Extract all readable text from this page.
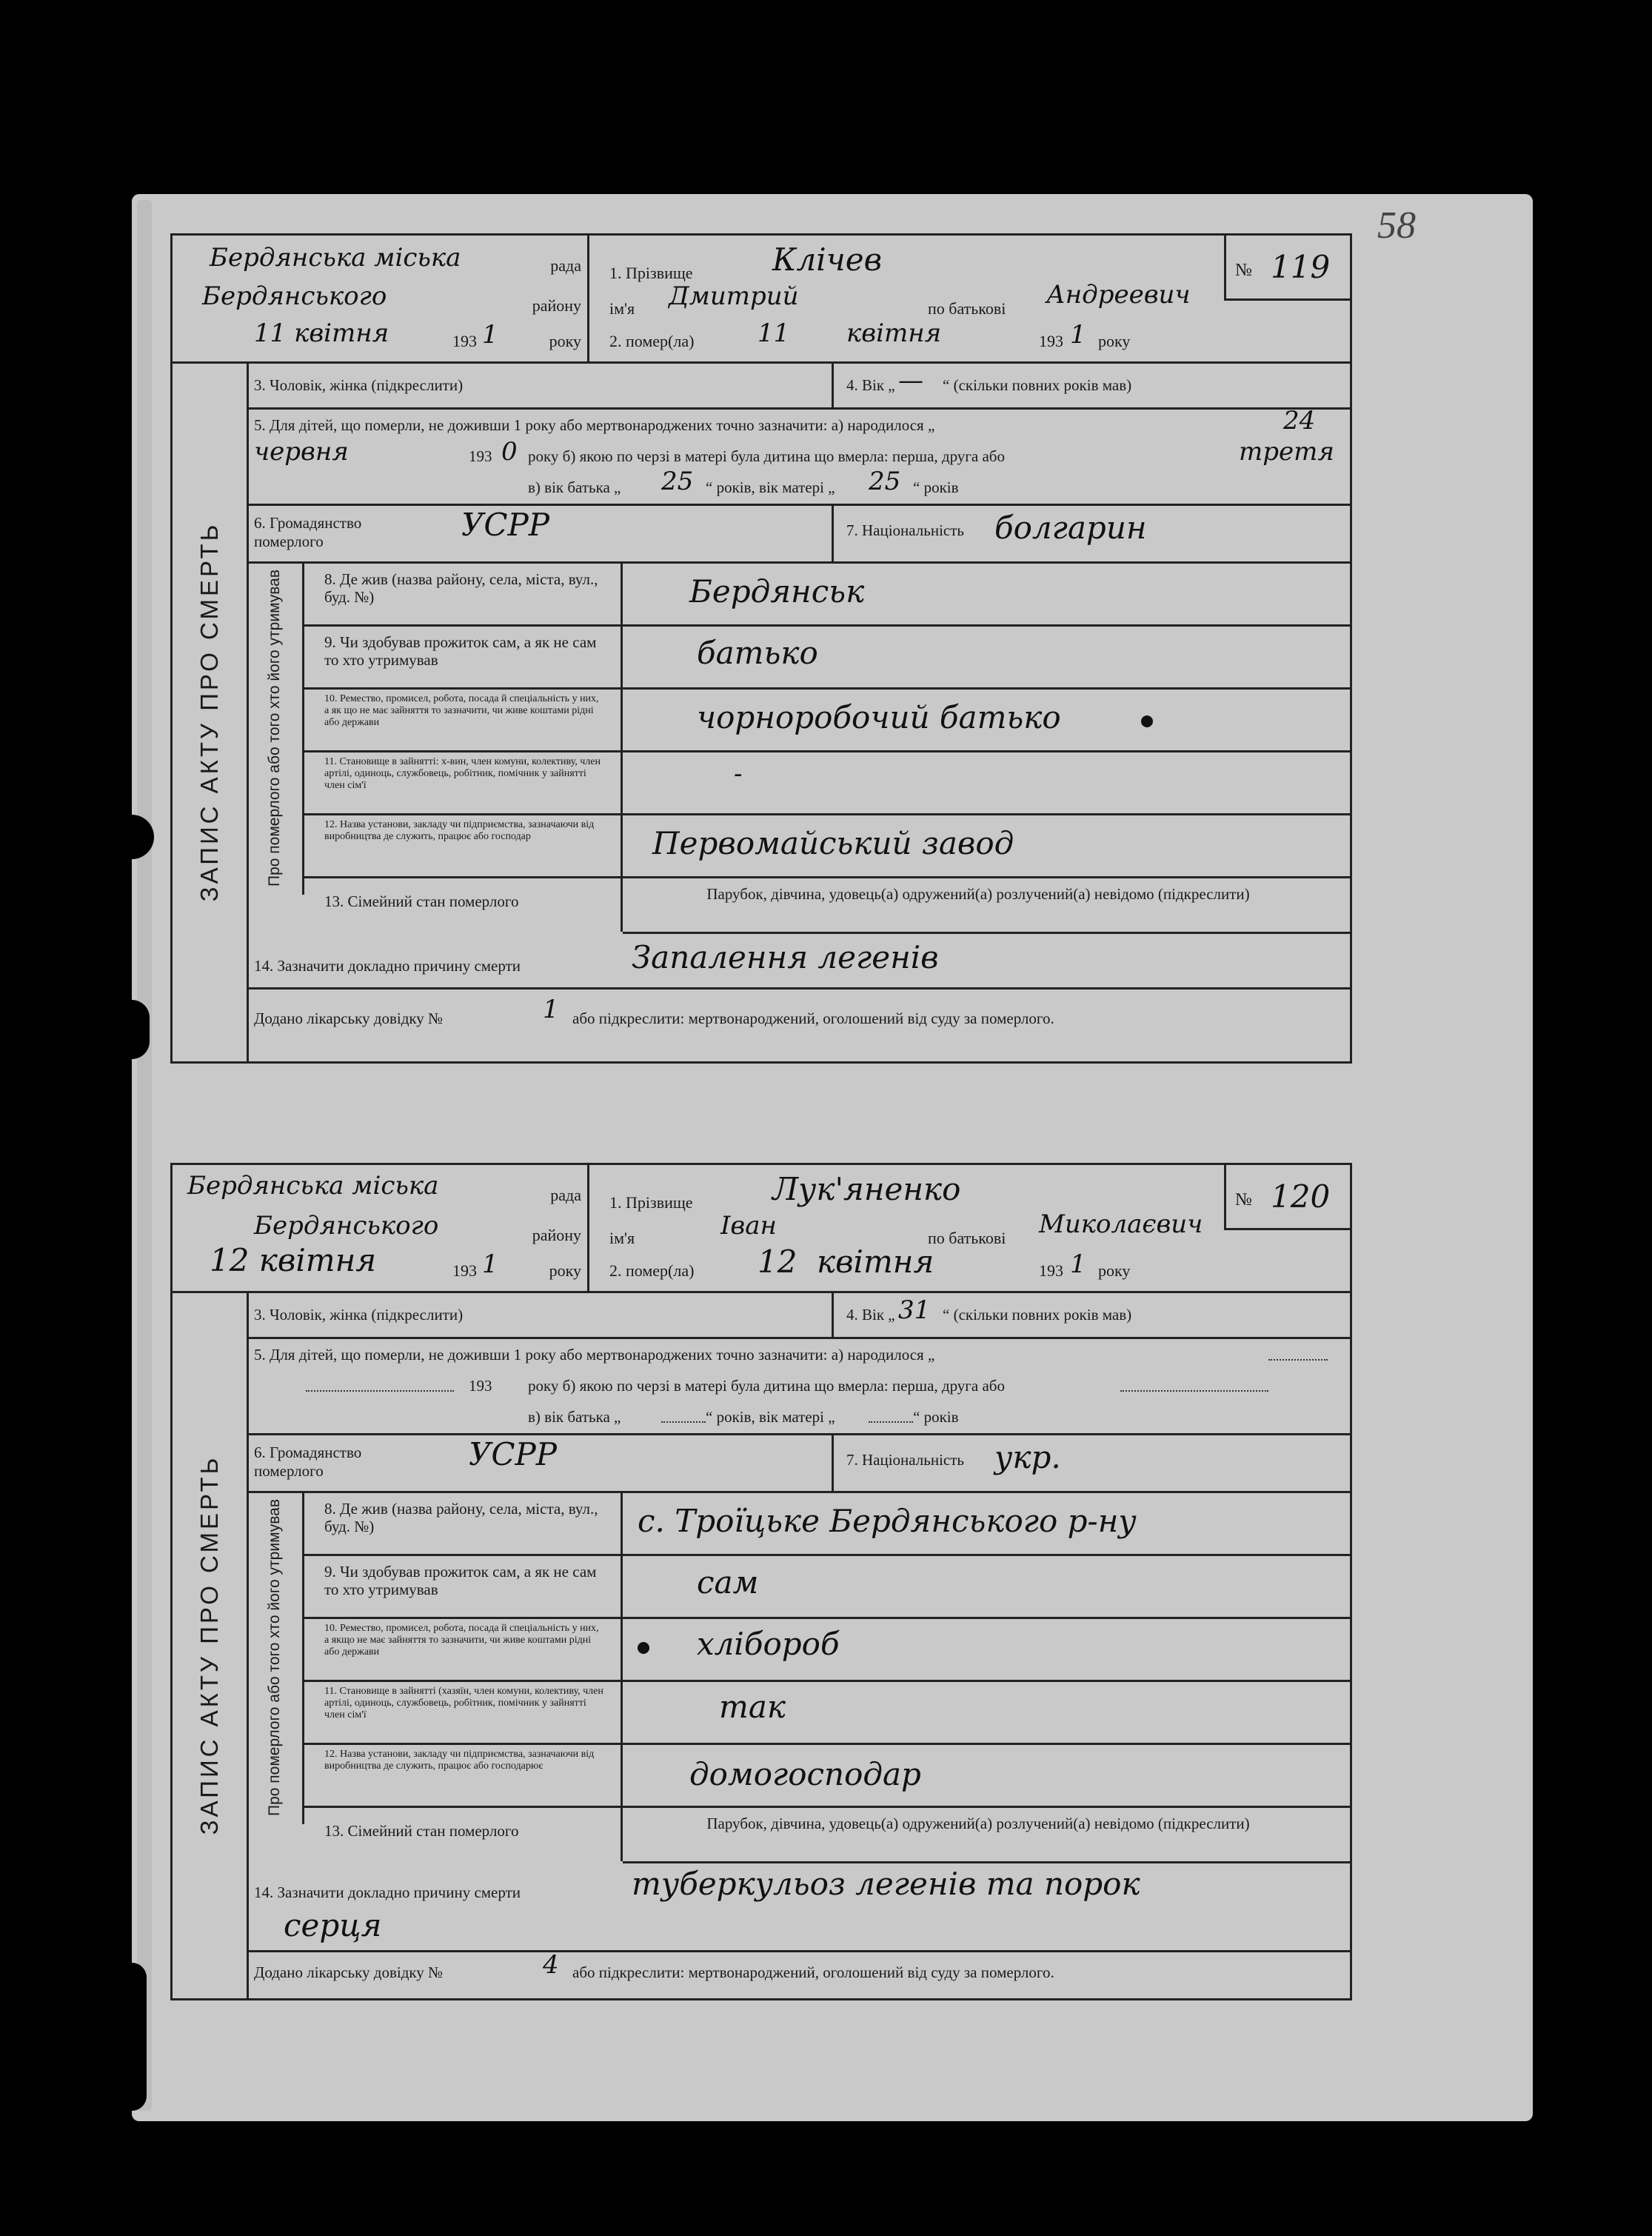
58
Бердянська міська	рада
Бердянського	району
11 квітня	193 1	року
1. Прізвище	Клічев
ім'я Дмитрий	по батькові Андреевич
2. помер(ла)	11 квітня	193 1 року
№ 119
ЗАПИС АКТУ ПРО СМЕРТЬ
3. Чоловік, жінка (підкреслити)	4. Вік „ — “ (скільки повних років мав)
5. Для дітей, що померли, не доживши 1 року або мертвонароджених точно зазначити: а) народилося „	24
червня	193 0 року б) якою по черзі в матері була дитина що вмерла: перша, друга або	третя
в) вік батька „ 25 “ років, вік матері „ 25 “ років
6. Громадянство померлого	УСРР	7. Національність болгарин
Про померлого або того хто його утримував	8. Де жив (назва району, села, міста, вул., буд. №)	Бердянськ
9. Чи здобував прожиток сам, а як не сам то хто утримував	батько
10. Ремество, промисел, робота, посада й спеціальність у них, а як що не має зайняття то зазначити, чи живе коштами рідні або держави	чорноробочий батько
11. Становище в зайнятті: х-вин, член комуни, колективу, член артілі, одиноць, службовець, робітник, помічник у зайнятті член сім'ї	-
12. Назва установи, закладу чи підприємства, зазначаючи від виробництва де служить, працює або господар	Первомайський завод
13. Сімейний стан померлого	Парубок, дівчина, удовець(а) одружений(а) розлучений(а) невідомо (підкреслити)
14. Зазначити докладно причину смерти	Запалення легенів
Додано лікарську довідку №	1 або підкреслити: мертвонароджений, оголошений від суду за померлого.
Бердянська міська	рада
Бердянського	району
12 квітня	193 1	року
1. Прізвище	Лук'яненко
ім'я	Іван	по батькові Миколаєвич
2. помер(ла) 12 квітня	193 1 року
№ 120
ЗАПИС АКТУ ПРО СМЕРТЬ
3. Чоловік, жінка (підкреслити)	4. Вік „ 31 “ (скільки повних років мав)
5. Для дітей, що померли, не доживши 1 року або мертвонароджених точно зазначити: а) народилося „
193 року б) якою по черзі в матері була дитина що вмерла: перша, друга або
в) вік батька „	“ років, вік матері „	“ років
6. Громадянство померлого	УСРР	7. Національність укр.
Про померлого або того хто його утримував	8. Де жив (назва району, села, міста, вул., буд. №)	с. Троїцьке Бердянського р-ну
9. Чи здобував прожиток сам, а як не сам то хто утримував	сам
10. Ремество, промисел, робота, посада й спеціальність у них, а якщо не має зайняття то зазначити, чи живе коштами рідні або держави	хлібороб
11. Становище в зайнятті (хазяїн, член комуни, колективу, член артілі, одиноць, службовець, робітник, помічник у зайнятті член сім'ї	так
12. Назва установи, закладу чи підприємства, зазначаючи від виробництва де служить, працює або господарює	домогосподар
13. Сімейний стан померлого	Парубок, дівчина, удовець(а) одружений(а) розлучений(а) невідомо (підкреслити)
14. Зазначити докладно причину смерти	туберкульоз легенів та порок
серця
Додано лікарську довідку №	4 або підкреслити: мертвонароджений, оголошений від суду за померлого.
